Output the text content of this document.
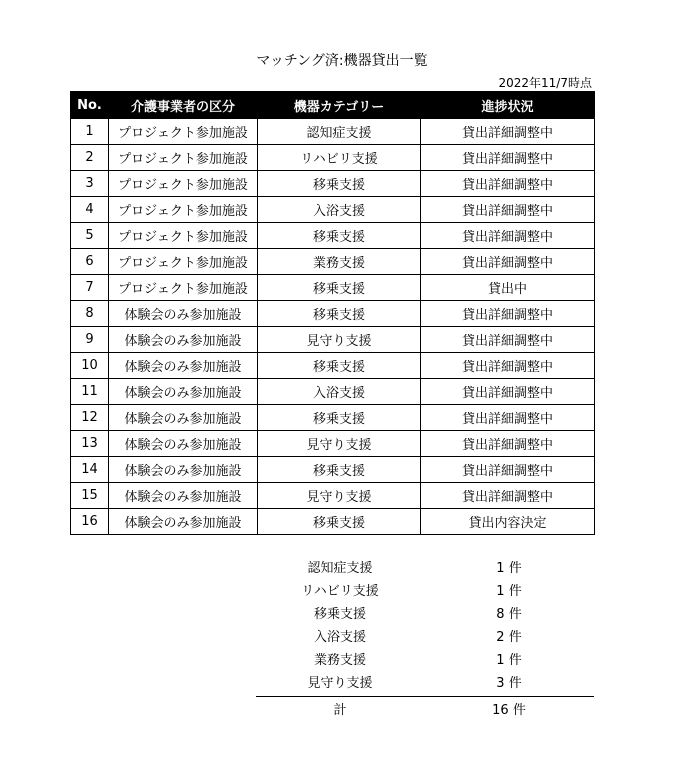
マッチング済:機器貸出一覧
2022年11/7時点
No.	介護事業者の区分	機器カテゴリー	進捗状況
1	プロジェクト参加施設	認知症支援	貸出詳細調整中
2	プロジェクト参加施設	リハビリ支援	貸出詳細調整中
3	プロジェクト参加施設	移乗支援	貸出詳細調整中
4	プロジェクト参加施設	入浴支援	貸出詳細調整中
5	プロジェクト参加施設	移乗支援	貸出詳細調整中
6	プロジェクト参加施設	業務支援	貸出詳細調整中
7	プロジェクト参加施設	移乗支援	貸出中
8	体験会のみ参加施設	移乗支援	貸出詳細調整中
9	体験会のみ参加施設	見守り支援	貸出詳細調整中
10	体験会のみ参加施設	移乗支援	貸出詳細調整中
11	体験会のみ参加施設	入浴支援	貸出詳細調整中
12	体験会のみ参加施設	移乗支援	貸出詳細調整中
13	体験会のみ参加施設	見守り支援	貸出詳細調整中
14	体験会のみ参加施設	移乗支援	貸出詳細調整中
15	体験会のみ参加施設	見守り支援	貸出詳細調整中
16	体験会のみ参加施設	移乗支援	貸出内容決定
認知症支援	1 件
リハビリ支援	1 件
移乗支援	8 件
入浴支援	2 件
業務支援	1 件
見守り支援	3 件
計	16 件
